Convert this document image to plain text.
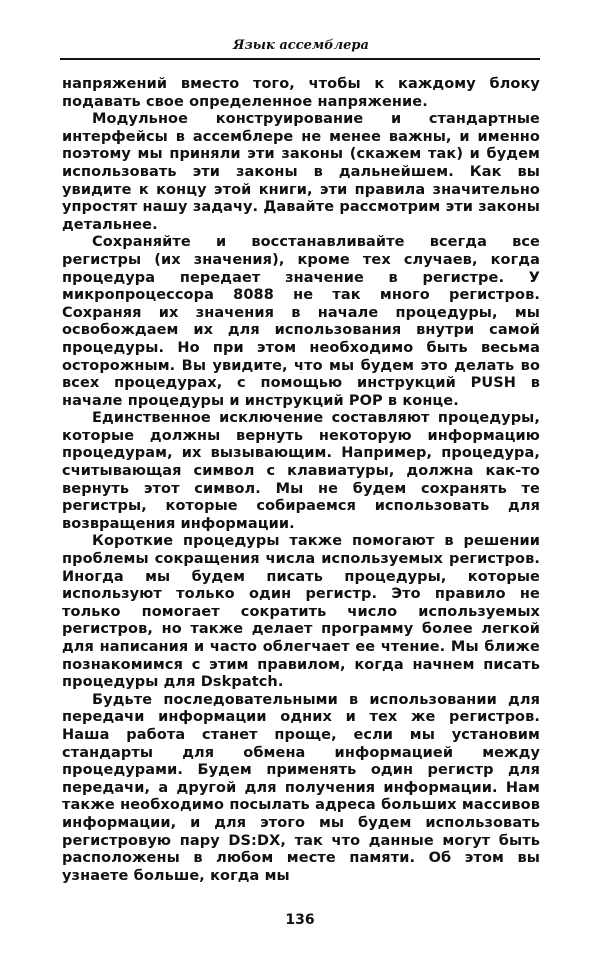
Язык ассемблера

напряжений вместо того, чтобы к каждому блоку подавать свое определенное напряжение.

Модульное конструирование и стандартные интерфейсы в ассемблере не менее важны, и именно поэтому мы приняли эти законы (скажем так) и будем использовать эти законы в дальнейшем. Как вы увидите к концу этой книги, эти правила значительно упростят нашу задачу. Давайте рассмотрим эти законы детальнее.

Сохраняйте и восстанавливайте всегда все регистры (их значения), кроме тех случаев, когда процедура передает значение в регистре. У микропроцессора 8088 не так много регистров. Сохраняя их значения в начале процедуры, мы освобождаем их для использования внутри самой процедуры. Но при этом необходимо быть весьма осторожным. Вы увидите, что мы будем это делать во всех процедурах, с помощью инструкций PUSH в начале процедуры и инструкций POP в конце.

Единственное исключение составляют процедуры, которые должны вернуть некоторую информацию процедурам, их вызывающим. Например, процедура, считывающая символ с клавиатуры, должна как-то вернуть этот символ. Мы не будем сохранять те регистры, которые собираемся использовать для возвращения информации.

Короткие процедуры также помогают в решении проблемы сокращения числа используемых регистров. Иногда мы будем писать процедуры, которые используют только один регистр. Это правило не только помогает сократить число используемых регистров, но также делает программу более легкой для написания и часто облегчает ее чтение. Мы ближе познакомимся с этим правилом, когда начнем писать процедуры для Dskpatch.

Будьте последовательными в использовании для передачи информации одних и тех же регистров. Наша работа станет проще, если мы установим стандарты для обмена информацией между процедурами. Будем применять один регистр для передачи, а другой для получения информации. Нам также необходимо посылать адреса больших массивов информации, и для этого мы будем использовать регистровую пару DS:DX, так что данные могут быть расположены в любом месте памяти. Об этом вы узнаете больше, когда мы

136
